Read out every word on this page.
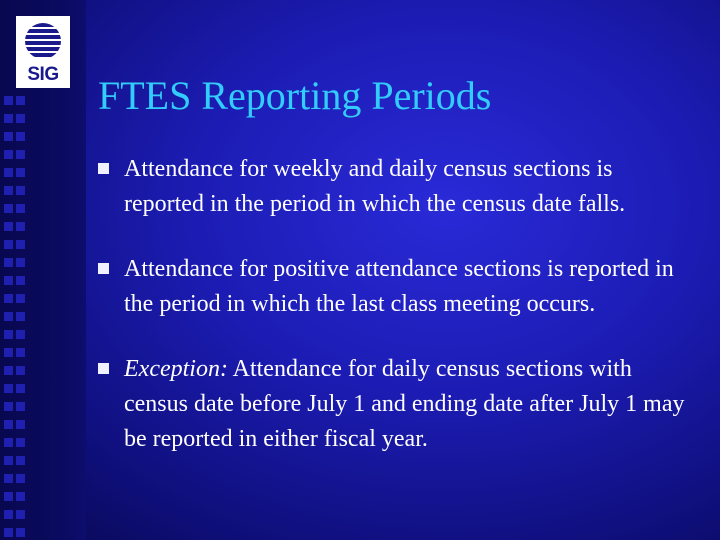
SIG FTES Reporting Periods
Attendance for weekly and daily census sections is reported in the period in which the census date falls.
Attendance for positive attendance sections is reported in the period in which the last class meeting occurs.
Exception: Attendance for daily census sections with census date before July 1 and ending date after July 1 may be reported in either fiscal year.
